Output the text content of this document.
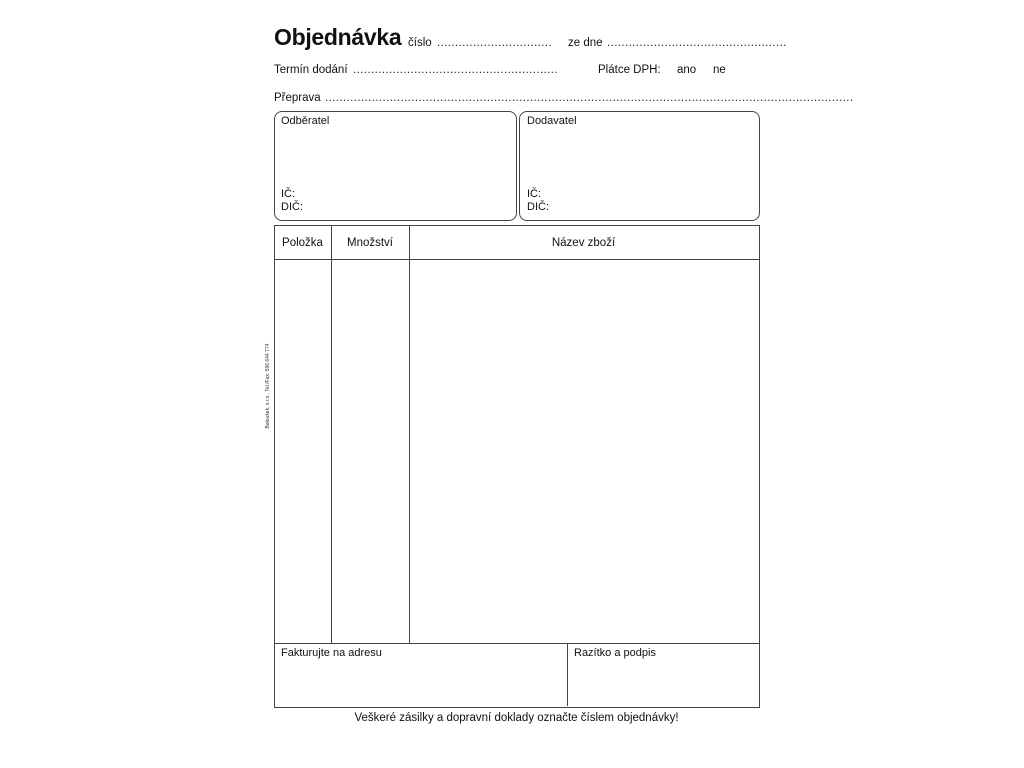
Objednávka číslo ................................ ze dne ..................................................
Termín dodání .........................................................	Plátce DPH: ano ne
Přeprava ...................................................................................................................................................
Odběratel
IČ:
DIČ:
Dodavatel
IČ:
DIČ:
Položka	Množství	Název zboží
Fakturujte na adresu	Razítko a podpis
Veškeré zásilky a dopravní doklady označte číslem objednávky!
Baloušek, s.r.o., Tel./Fax: 596 644 774
